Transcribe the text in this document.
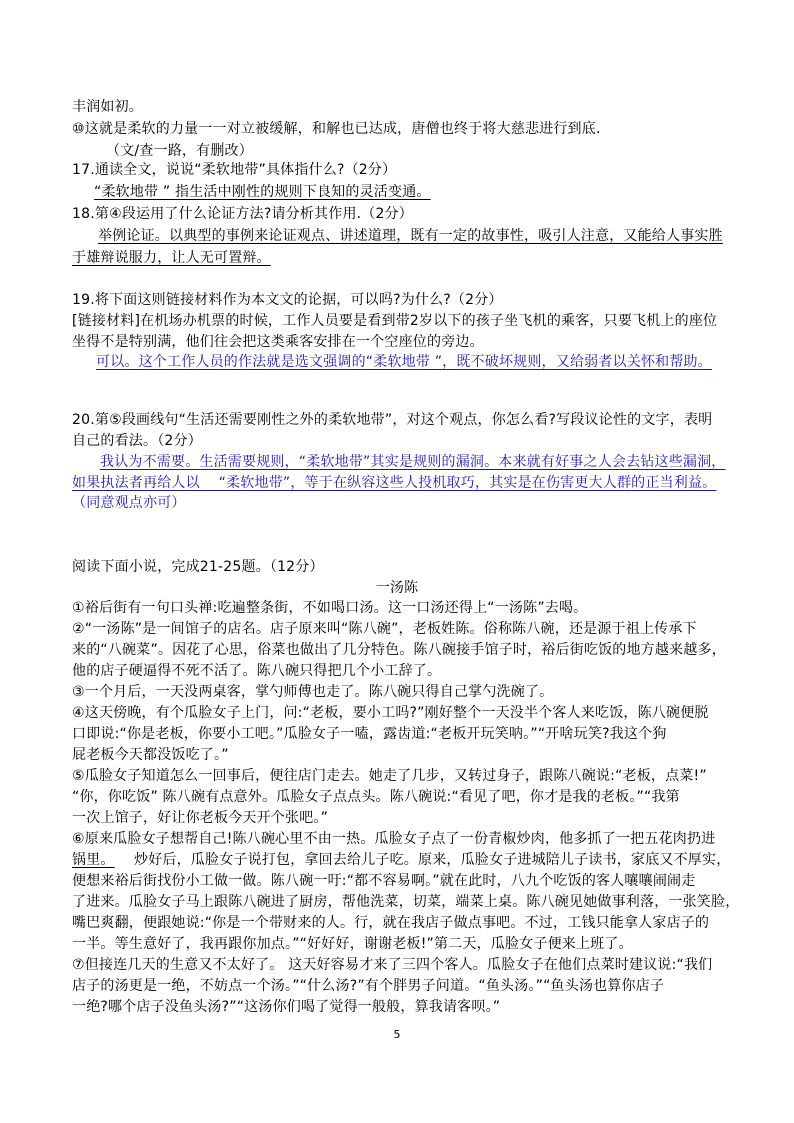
丰润如初。
⑩这就是柔软的力量一一对立被缓解，和解也已达成，唐僧也终于将大慈悲进行到底.
（文/查一路，有删改）
17.通读全文，说说“柔软地带”具体指什么?（2分）
“柔软地带 ” 指生活中刚性的规则下良知的灵活变通。
18.第④段运用了什么论证方法?请分析其作用.（2分）
举例论证。以典型的事例来论证观点、讲述道理，既有一定的故事性，吸引人注意，又能给人事实胜
于雄辩说服力，让人无可置辩。
19.将下面这则链接材料作为本文文的论据，可以吗?为什么?（2分）
[链接材料]在机场办机票的时候，工作人员要是看到带2岁以下的孩子坐飞机的乘客，只要飞机上的座位
坐得不是特别满，他们往会把这类乘客安排在一个空座位的旁边。
可以。这个工作人员的作法就是选文强调的“柔软地带 ”，既不破坏规则，又给弱者以关怀和帮助。
20.第⑤段画线句“生活还需要刚性之外的柔软地带”，对这个观点，你怎么看?写段议论性的文字，表明
自己的看法。（2分）
我认为不需要。生活需要规则，“柔软地带”其实是规则的漏洞。本来就有好事之人会去钻这些漏洞，
如果执法者再给人以　 “柔软地带”，等于在纵容这些人投机取巧，其实是在伤害更大人群的正当利益。
（同意观点亦可）
阅读下面小说，完成21-25题。（12分）
一汤陈
①裕后街有一句口头禅:吃遍整条街，不如喝口汤。这一口汤还得上“一汤陈”去喝。
②“一汤陈”是一间馆子的店名。店子原来叫“陈八碗”，老板姓陈。俗称陈八碗，还是源于祖上传承下
来的“八碗菜”。因花了心思，俗菜也做出了几分特色。陈八碗接手馆子时，裕后街吃饭的地方越来越多，
他的店子硬逼得不死不活了。陈八碗只得把几个小工辞了。
③一个月后，一天没两桌客，掌勺师傅也走了。陈八碗只得自己掌勺洗碗了。
④这天傍晚，有个瓜脸女子上门，问:“老板，要小工吗?”刚好整个一天没半个客人来吃饭，陈八碗便脱
口即说:“你是老板，你要小工吧。”瓜脸女子一嗑，露齿道:“老板开玩笑呐。”“开啥玩笑?我这个狗
屁老板今天都没饭吃了。”
⑤瓜脸女子知道怎么一回事后，便往店门走去。她走了几步，又转过身子，跟陈八碗说:“老板，点菜!”
“你，你吃饭” 陈八碗有点意外。瓜脸女子点点头。陈八碗说:“看见了吧，你才是我的老板。”“我第
一次上馆子，好让你老板今天开个张吧。”
⑥原来瓜脸女子想帮自己!陈八碗心里不由一热。瓜脸女子点了一份青椒炒肉，他多抓了一把五花肉扔进
锅里。 炒好后，瓜脸女子说打包，拿回去给儿子吃。原来，瓜脸女子进城陪儿子读书，家底又不厚实，
便想来裕后街找份小工做一做。陈八碗一吁:“都不容易啊。”就在此时，八九个吃饭的客人嚷嚷闹闹走
了进来。瓜脸女子马上跟陈八碗进了厨房，帮他洗菜，切菜，端菜上桌。陈八碗见她做事利落，一张笑脸，
嘴巴爽翻，便跟她说:“你是一个带财来的人。行，就在我店子做点事吧。不过，工钱只能拿人家店子的
一半。等生意好了，我再跟你加点。”“好好好，谢谢老板!”第二天，瓜脸女子便来上班了。
⑦但接连几天的生意又不太好了。 这天好容易才来了三四个客人。瓜脸女子在他们点菜时建议说:“我们
店子的汤更是一绝，不妨点一个汤。”“什么汤?”有个胖男子问道。“鱼头汤。”“鱼头汤也算你店子
一绝?哪个店子没鱼头汤?”“这汤你们喝了觉得一般般，算我请客呗。”
5
